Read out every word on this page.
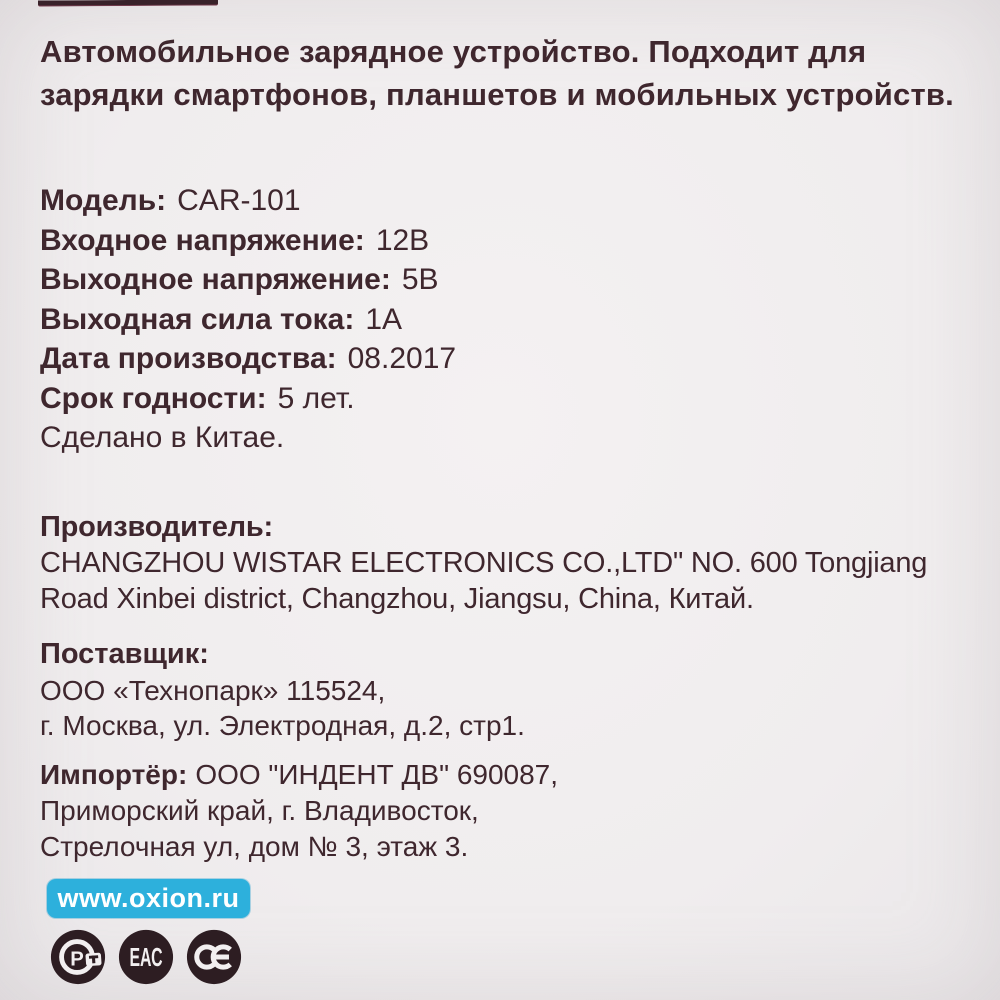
Автомобильное зарядное устройство. Подходит для
зарядки смартфонов, планшетов и мобильных устройств.
Модель: CAR-101
Входное напряжение: 12В
Выходное напряжение: 5В
Выходная сила тока: 1А
Дата производства: 08.2017
Срок годности: 5 лет.
Сделано в Китае.
Производитель:
CHANGZHOU WISTAR ELECTRONICS CO.,LTD" NO. 600 Tongjiang
Road Xinbei district, Changzhou, Jiangsu, China, Китай.
Поставщик:
ООО «Технопарк» 115524,
г. Москва, ул. Электродная, д.2, стр1.
Импортёр: ООО "ИНДЕНТ ДВ" 690087,
Приморский край, г. Владивосток,
Стрелочная ул, дом № 3, этаж 3.
www.oxion.ru
Р ЕАС
